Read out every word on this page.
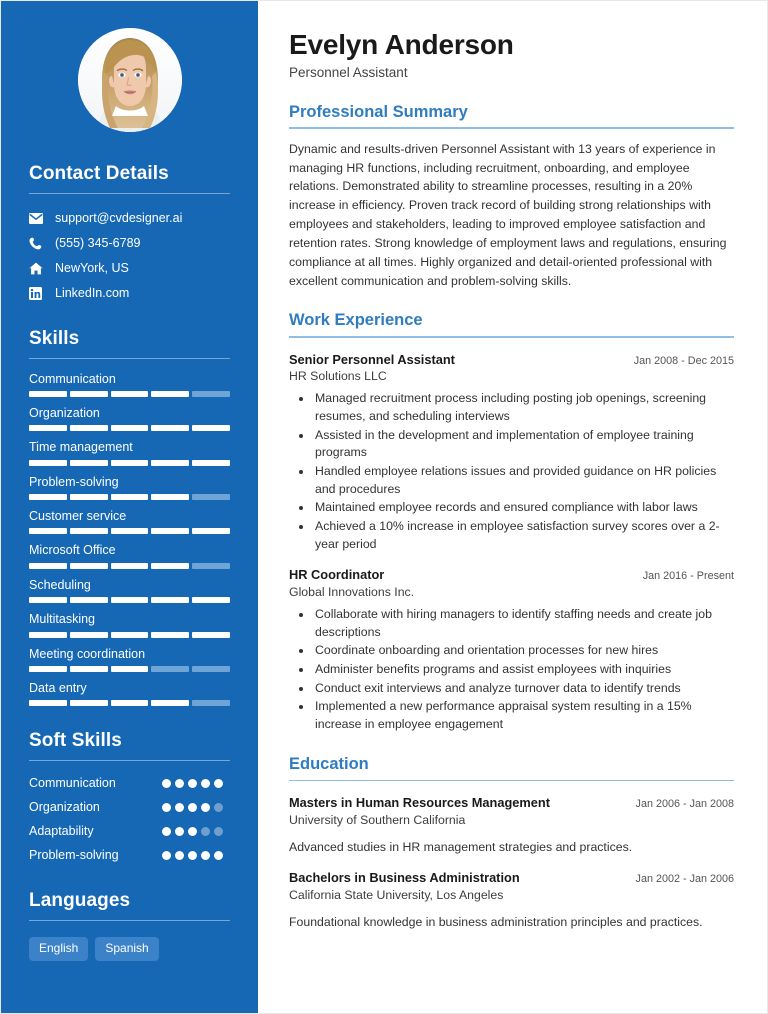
Contact Details
support@cvdesigner.ai
(555) 345-6789
NewYork, US
LinkedIn.com
Skills
Communication
Organization
Time management
Problem-solving
Customer service
Microsoft Office
Scheduling
Multitasking
Meeting coordination
Data entry
Soft Skills
Communication
Organization
Adaptability
Problem-solving
Languages
English	Spanish
Evelyn Anderson
Personnel Assistant
Professional Summary

Dynamic and results-driven Personnel Assistant with 13 years of experience in managing HR functions, including recruitment, onboarding, and employee relations. Demonstrated ability to streamline processes, resulting in a 20% increase in efficiency. Proven track record of building strong relationships with employees and stakeholders, leading to improved employee satisfaction and retention rates. Strong knowledge of employment laws and regulations, ensuring compliance at all times. Highly organized and detail-oriented professional with excellent communication and problem-solving skills.

Work Experience
Senior Personnel Assistant	Jan 2008 - Dec 2015
HR Solutions LLC
• Managed recruitment process including posting job openings, screening resumes, and scheduling interviews
• Assisted in the development and implementation of employee training programs
• Handled employee relations issues and provided guidance on HR policies and procedures
• Maintained employee records and ensured compliance with labor laws
• Achieved a 10% increase in employee satisfaction survey scores over a 2-year period
HR Coordinator	Jan 2016 - Present
Global Innovations Inc.
• Collaborate with hiring managers to identify staffing needs and create job descriptions
• Coordinate onboarding and orientation processes for new hires
• Administer benefits programs and assist employees with inquiries
• Conduct exit interviews and analyze turnover data to identify trends
• Implemented a new performance appraisal system resulting in a 15% increase in employee engagement
Education
Masters in Human Resources Management	Jan 2006 - Jan 2008
University of Southern California
Advanced studies in HR management strategies and practices.
Bachelors in Business Administration	Jan 2002 - Jan 2006
California State University, Los Angeles
Foundational knowledge in business administration principles and practices.
